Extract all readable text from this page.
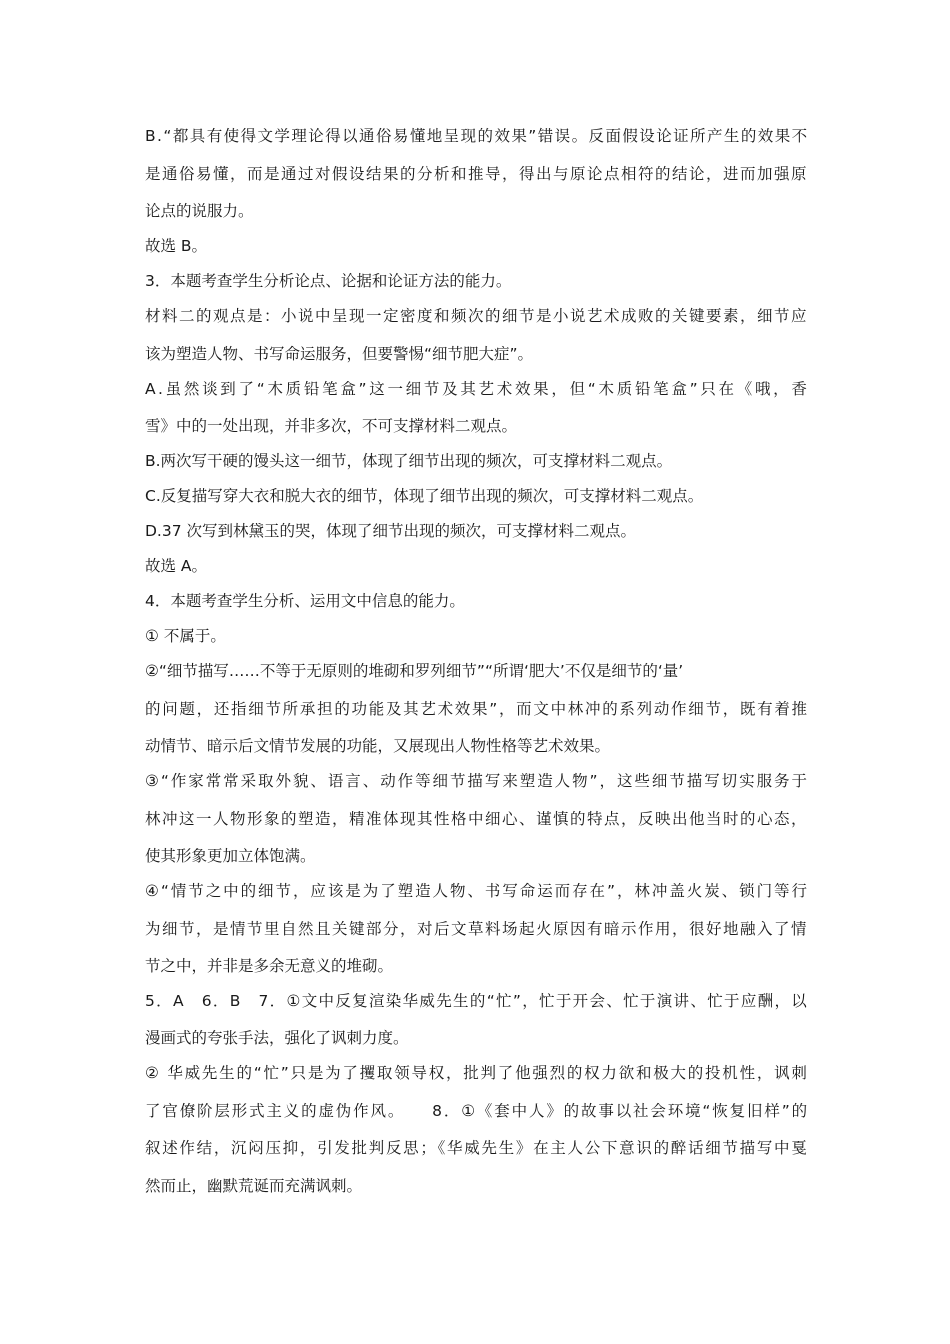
B.“都具有使得文学理论得以通俗易懂地呈现的效果”错误。反面假设论证所产生的效果不
是通俗易懂，而是通过对假设结果的分析和推导，得出与原论点相符的结论，进而加强原
论点的说服力。
故选 B。
3．本题考查学生分析论点、论据和论证方法的能力。
材料二的观点是：小说中呈现一定密度和频次的细节是小说艺术成败的关键要素，细节应
该为塑造人物、书写命运服务，但要警惕“细节肥大症”。
A.虽然谈到了“木质铅笔盒”这一细节及其艺术效果，但“木质铅笔盒”只在《哦，香
雪》中的一处出现，并非多次，不可支撑材料二观点。
B.两次写干硬的馒头这一细节，体现了细节出现的频次，可支撑材料二观点。
C.反复描写穿大衣和脱大衣的细节，体现了细节出现的频次，可支撑材料二观点。
D.37 次写到林黛玉的哭，体现了细节出现的频次，可支撑材料二观点。
故选 A。
4．本题考查学生分析、运用文中信息的能力。
① 不属于。
②“细节描写……不等于无原则的堆砌和罗列细节”“所谓‘肥大’不仅是细节的‘量’
的问题，还指细节所承担的功能及其艺术效果”，而文中林冲的系列动作细节，既有着推
动情节、暗示后文情节发展的功能，又展现出人物性格等艺术效果。
③“作家常常采取外貌、语言、动作等细节描写来塑造人物”，这些细节描写切实服务于
林冲这一人物形象的塑造，精准体现其性格中细心、谨慎的特点，反映出他当时的心态，
使其形象更加立体饱满。
④“情节之中的细节，应该是为了塑造人物、书写命运而存在”，林冲盖火炭、锁门等行
为细节，是情节里自然且关键部分，对后文草料场起火原因有暗示作用，很好地融入了情
节之中，并非是多余无意义的堆砌。
5．A　6．B　7．①文中反复渲染华威先生的“忙”，忙于开会、忙于演讲、忙于应酬，以
漫画式的夸张手法，强化了讽刺力度。
② 华威先生的“忙”只是为了攫取领导权，批判了他强烈的权力欲和极大的投机性，讽刺
了官僚阶层形式主义的虚伪作风。　　8．①《套中人》的故事以社会环境“恢复旧样”的
叙述作结，沉闷压抑，引发批判反思；《华威先生》在主人公下意识的醉话细节描写中戛
然而止，幽默荒诞而充满讽刺。
